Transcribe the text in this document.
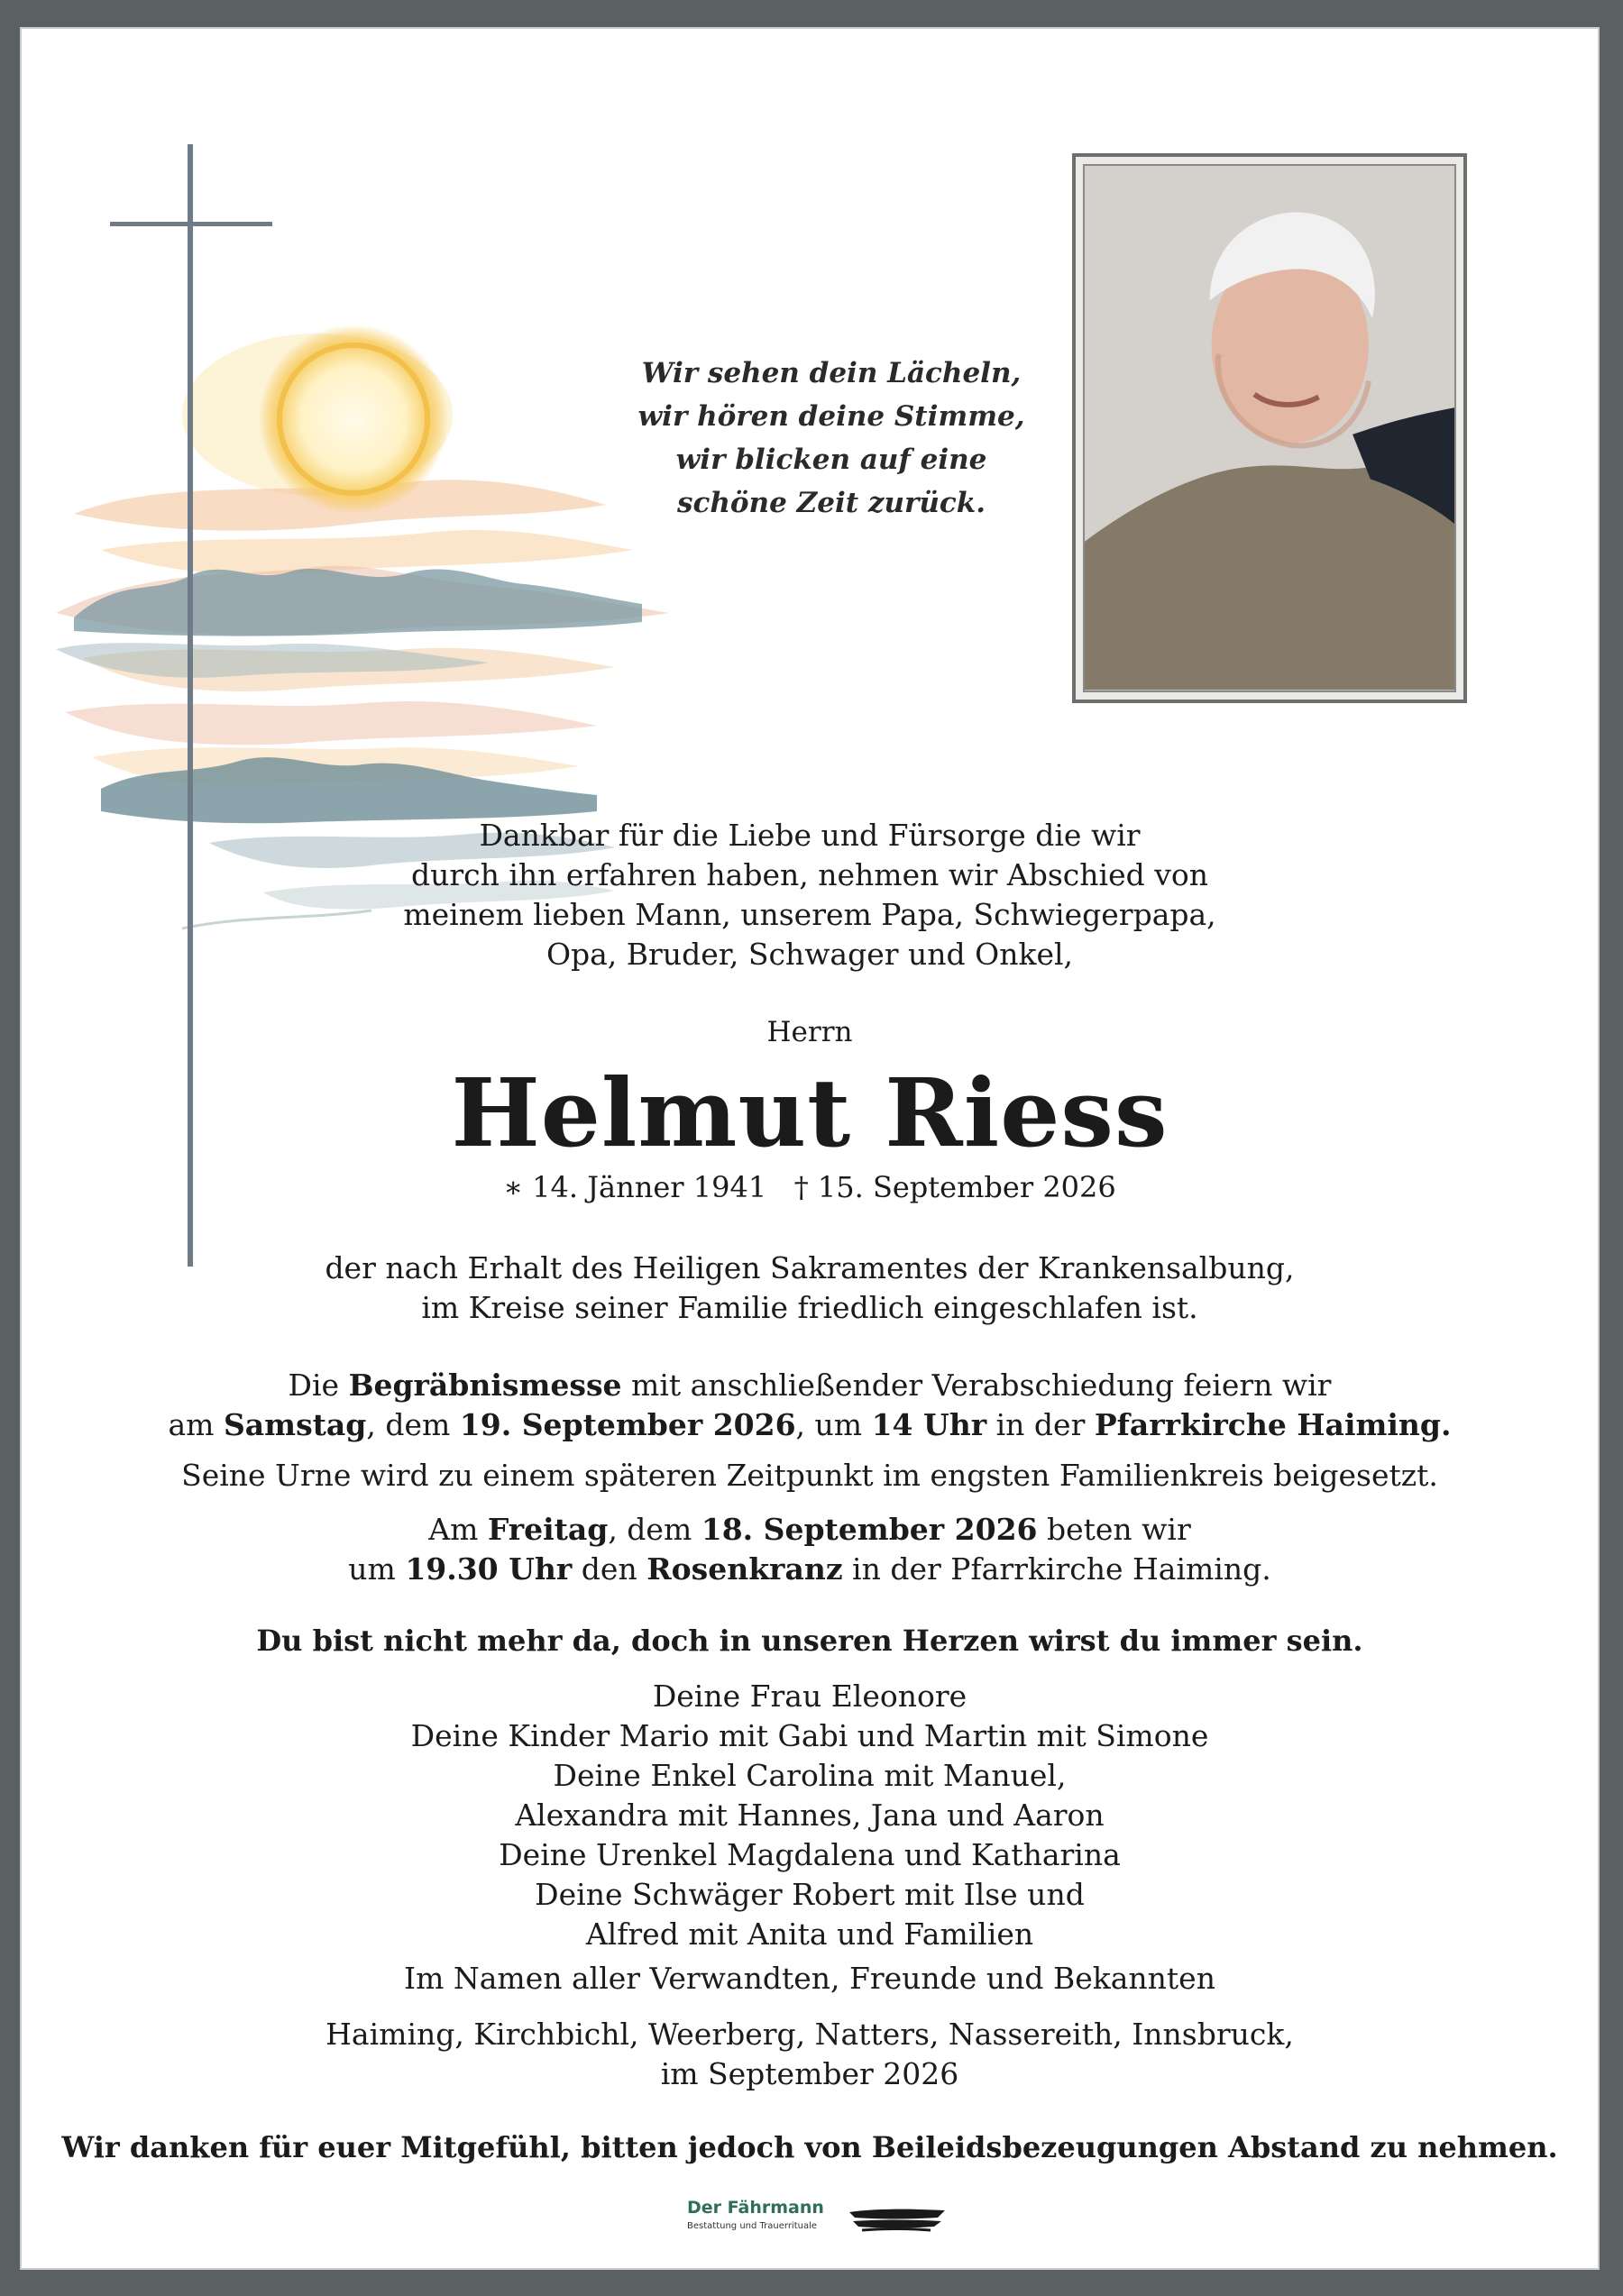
Wir sehen dein Lächeln,
wir hören deine Stimme,
wir blicken auf eine
schöne Zeit zurück.
Dankbar für die Liebe und Fürsorge die wir
durch ihn erfahren haben, nehmen wir Abschied von
meinem lieben Mann, unserem Papa, Schwiegerpapa,
Opa, Bruder, Schwager und Onkel,
Herrn
Helmut Riess
∗ 14. Jänner 1941 † 15. September 2026
der nach Erhalt des Heiligen Sakramentes der Krankensalbung,
im Kreise seiner Familie friedlich eingeschlafen ist.
Die Begräbnismesse mit anschließender Verabschiedung feiern wir
am Samstag, dem 19. September 2026, um 14 Uhr in der Pfarrkirche Haiming.
Seine Urne wird zu einem späteren Zeitpunkt im engsten Familienkreis beigesetzt.
Am Freitag, dem 18. September 2026 beten wir
um 19.30 Uhr den Rosenkranz in der Pfarrkirche Haiming.
Du bist nicht mehr da, doch in unseren Herzen wirst du immer sein.
Deine Frau Eleonore
Deine Kinder Mario mit Gabi und Martin mit Simone
Deine Enkel Carolina mit Manuel,
Alexandra mit Hannes, Jana und Aaron
Deine Urenkel Magdalena und Katharina
Deine Schwäger Robert mit Ilse und
Alfred mit Anita und Familien
Im Namen aller Verwandten, Freunde und Bekannten
Haiming, Kirchbichl, Weerberg, Natters, Nassereith, Innsbruck,
im September 2026
Wir danken für euer Mitgefühl, bitten jedoch von Beileidsbezeugungen Abstand zu nehmen.
Der Fährmann
Bestattung und Trauerrituale
